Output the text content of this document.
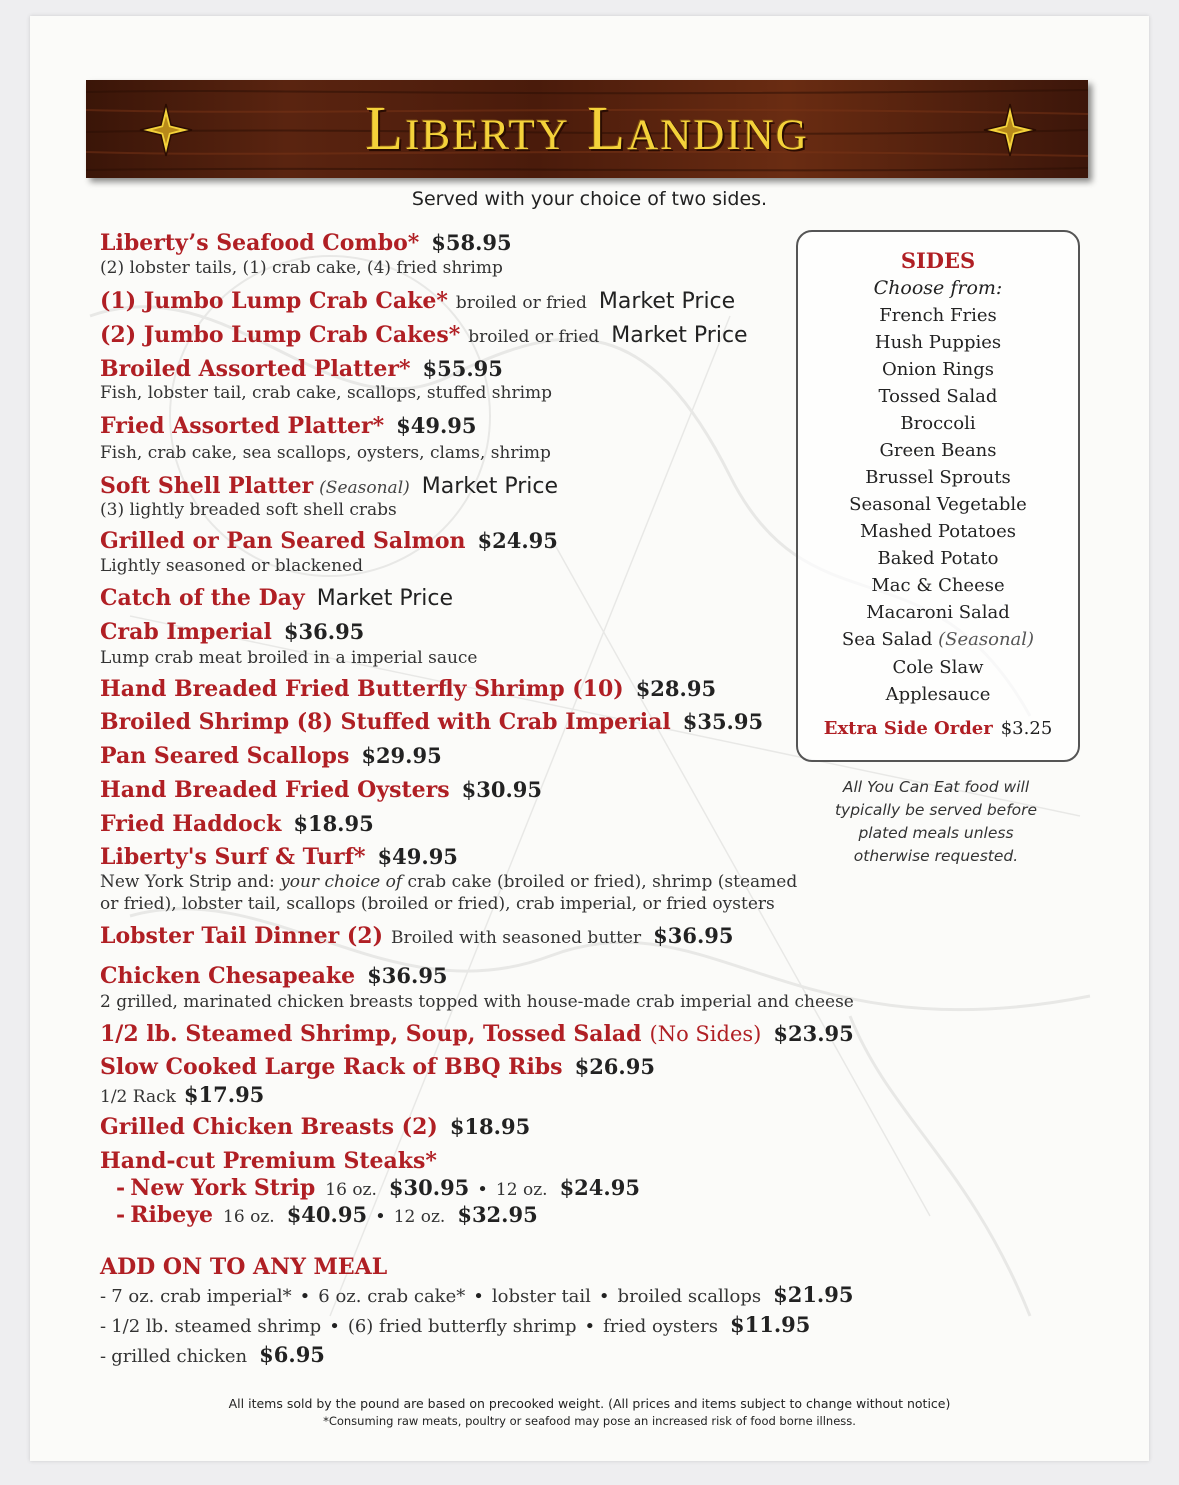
Liberty Landing
Served with your choice of two sides.
Liberty’s Seafood Combo* $58.95
(2) lobster tails, (1) crab cake, (4) fried shrimp
(1) Jumbo Lump Crab Cake* broiled or fried Market Price
(2) Jumbo Lump Crab Cakes* broiled or fried Market Price
Broiled Assorted Platter* $55.95
Fish, lobster tail, crab cake, scallops, stuffed shrimp
Fried Assorted Platter* $49.95
Fish, crab cake, sea scallops, oysters, clams, shrimp
Soft Shell Platter (Seasonal) Market Price
(3) lightly breaded soft shell crabs
Grilled or Pan Seared Salmon $24.95
Lightly seasoned or blackened
Catch of the Day Market Price
Crab Imperial $36.95
Lump crab meat broiled in a imperial sauce
Hand Breaded Fried Butterfly Shrimp (10) $28.95
Broiled Shrimp (8) Stuffed with Crab Imperial $35.95
Pan Seared Scallops $29.95
Hand Breaded Fried Oysters $30.95
Fried Haddock $18.95
Liberty's Surf & Turf* $49.95
New York Strip and: your choice of crab cake (broiled or fried), shrimp (steamed
or fried), lobster tail, scallops (broiled or fried), crab imperial, or fried oysters
Lobster Tail Dinner (2) Broiled with seasoned butter $36.95
Chicken Chesapeake $36.95
2 grilled, marinated chicken breasts topped with house-made crab imperial and cheese
1/2 lb. Steamed Shrimp, Soup, Tossed Salad (No Sides) $23.95
Slow Cooked Large Rack of BBQ Ribs $26.95
1/2 Rack $17.95
Grilled Chicken Breasts (2) $18.95
Hand-cut Premium Steaks*
- New York Strip 16 oz. $30.95 • 12 oz. $24.95
- Ribeye 16 oz. $40.95 • 12 oz. $32.95
ADD ON TO ANY MEAL
- 7 oz. crab imperial* • 6 oz. crab cake* • lobster tail • broiled scallops $21.95
- 1/2 lb. steamed shrimp • (6) fried butterfly shrimp • fried oysters $11.95
- grilled chicken $6.95
SIDES
Choose from:
French Fries
Hush Puppies
Onion Rings
Tossed Salad
Broccoli
Green Beans
Brussel Sprouts
Seasonal Vegetable
Mashed Potatoes
Baked Potato
Mac & Cheese
Macaroni Salad
Sea Salad (Seasonal)
Cole Slaw
Applesauce
Extra Side Order $3.25
All You Can Eat food will
typically be served before
plated meals unless
otherwise requested.
All items sold by the pound are based on precooked weight. (All prices and items subject to change without notice)
*Consuming raw meats, poultry or seafood may pose an increased risk of food borne illness.
